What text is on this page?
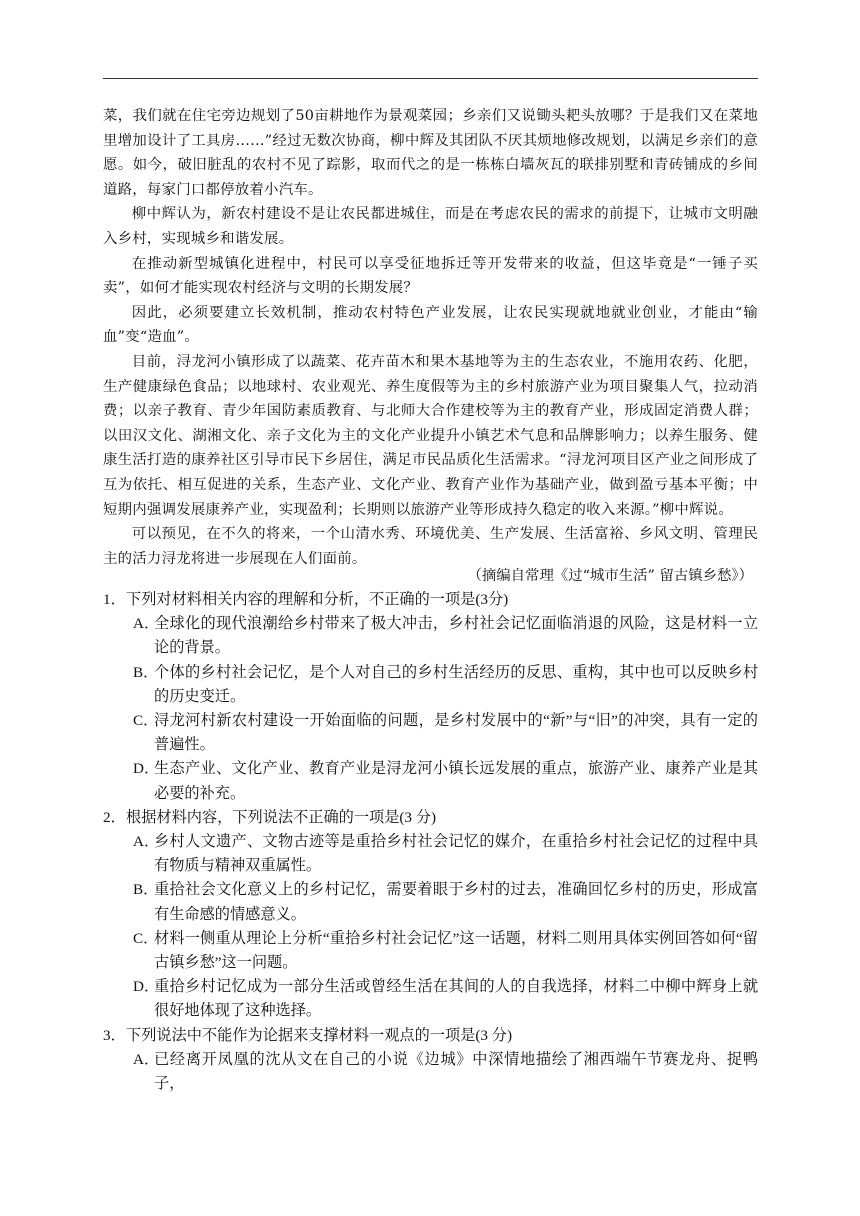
菜，我们就在住宅旁边规划了50亩耕地作为景观菜园；乡亲们又说锄头耙头放哪？于是我们又在菜地里增加设计了工具房……”经过无数次协商，柳中辉及其团队不厌其烦地修改规划，以满足乡亲们的意愿。如今，破旧脏乱的农村不见了踪影，取而代之的是一栋栋白墙灰瓦的联排别墅和青砖铺成的乡间道路，每家门口都停放着小汽车。

柳中辉认为，新农村建设不是让农民都进城住，而是在考虑农民的需求的前提下，让城市文明融入乡村，实现城乡和谐发展。

在推动新型城镇化进程中，村民可以享受征地拆迁等开发带来的收益，但这毕竟是“一锤子买卖”，如何才能实现农村经济与文明的长期发展？

因此，必须要建立长效机制，推动农村特色产业发展，让农民实现就地就业创业，才能由“输血”变“造血”。

目前，浔龙河小镇形成了以蔬菜、花卉苗木和果木基地等为主的生态农业，不施用农药、化肥，生产健康绿色食品；以地球村、农业观光、养生度假等为主的乡村旅游产业为项目聚集人气，拉动消费；以亲子教育、青少年国防素质教育、与北师大合作建校等为主的教育产业，形成固定消费人群；以田汉文化、湖湘文化、亲子文化为主的文化产业提升小镇艺术气息和品牌影响力；以养生服务、健康生活打造的康养社区引导市民下乡居住，满足市民品质化生活需求。“浔龙河项目区产业之间形成了互为依托、相互促进的关系，生态产业、文化产业、教育产业作为基础产业，做到盈亏基本平衡；中短期内强调发展康养产业，实现盈利；长期则以旅游产业等形成持久稳定的收入来源。”柳中辉说。

可以预见，在不久的将来，一个山清水秀、环境优美、生产发展、生活富裕、乡风文明、管理民主的活力浔龙将进一步展现在人们面前。

（摘编自常理《过“城市生活” 留古镇乡愁》）
1． 下列对材料相关内容的理解和分析，不正确的一项是(3分)
A．
全球化的现代浪潮给乡村带来了极大冲击，乡村社会记忆面临消退的风险，这是材料一立论的背景。
B．
个体的乡村社会记忆，是个人对自己的乡村生活经历的反思、重构，其中也可以反映乡村的历史变迁。
C．
浔龙河村新农村建设一开始面临的问题，是乡村发展中的“新”与“旧”的冲突，具有一定的普遍性。
D．
生态产业、文化产业、教育产业是浔龙河小镇长远发展的重点，旅游产业、康养产业是其必要的补充。
2． 根据材料内容，下列说法不正确的一项是(3 分)
A．
乡村人文遗产、文物古迹等是重拾乡村社会记忆的媒介，在重拾乡村社会记忆的过程中具有物质与精神双重属性。
B．
重拾社会文化意义上的乡村记忆，需要着眼于乡村的过去，准确回忆乡村的历史，形成富有生命感的情感意义。
C．
材料一侧重从理论上分析“重拾乡村社会记忆”这一话题，材料二则用具体实例回答如何“留古镇乡愁”这一问题。
D．
重拾乡村记忆成为一部分生活或曾经生活在其间的人的自我选择，材料二中柳中辉身上就很好地体现了这种选择。
3． 下列说法中不能作为论据来支撑材料一观点的一项是(3 分)
A．
已经离开凤凰的沈从文在自己的小说《边城》中深情地描绘了湘西端午节赛龙舟、捉鸭子，
